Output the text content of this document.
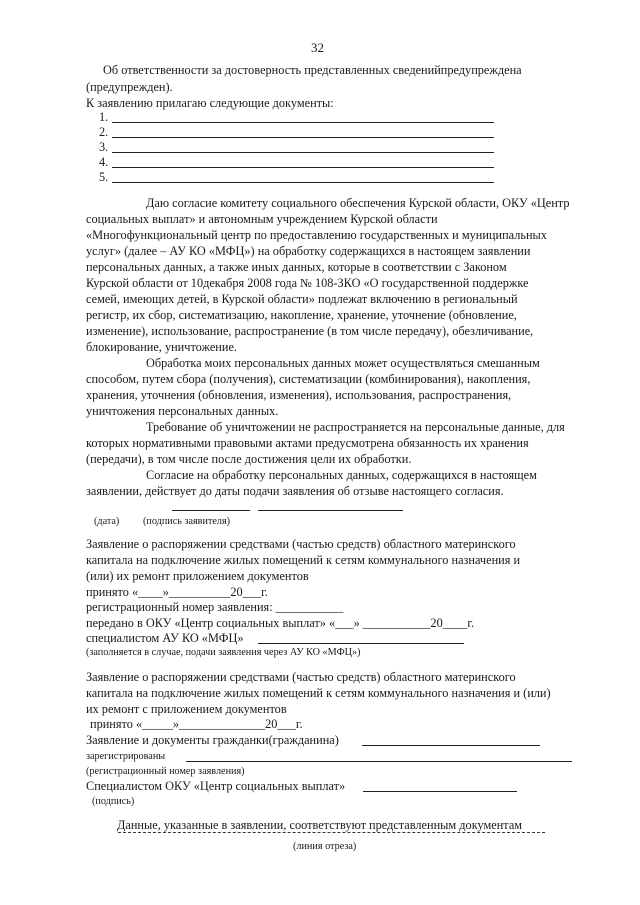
32
Об ответственности за достоверность представленных сведенийпредупреждена
(предупрежден).
К заявлению прилагаю следующие документы:
1.
2.
3.
4.
5.
Даю согласие комитету социального обеспечения Курской области, ОКУ «Центр
социальных выплат» и автономным учреждением Курской области
«Многофункциональный центр по предоставлению государственных и муниципальных
услуг» (далее – АУ КО «МФЦ») на обработку содержащихся в настоящем заявлении
персональных данных, а также иных данных, которые в соответствии с Законом
Курской области от 10декабря 2008 года № 108-ЗКО «О государственной поддержке
семей, имеющих детей, в Курской области» подлежат включению в региональный
регистр, их сбор, систематизацию, накопление, хранение, уточнение (обновление,
изменение), использование, распространение (в том числе передачу), обезличивание,
блокирование, уничтожение.
Обработка моих персональных данных может осуществляться смешанным
способом, путем сбора (получения), систематизации (комбинирования), накопления,
хранения, уточнения (обновления, изменения), использования, распространения,
уничтожения персональных данных.
Требование об уничтожении не распространяется на персональные данные, для
которых нормативными правовыми актами предусмотрена обязанность их хранения
(передачи), в том числе после достижения цели их обработки.
Согласие на обработку персональных данных, содержащихся в настоящем
заявлении, действует до даты подачи заявления об отзыве настоящего согласия.
(дата) (подпись заявителя)
Заявление о распоряжении средствами (частью средств) областного материнского
капитала на подключение жилых помещений к сетям коммунального назначения и
(или) их ремонт приложением документов
принято «____»__________20___г.
регистрационный номер заявления: ___________
передано в ОКУ «Центр социальных выплат» «___» ___________20____г.
специалистом АУ КО «МФЦ»
(заполняется в случае, подачи заявления через АУ КО «МФЦ»)
Заявление о распоряжении средствами (частью средств) областного материнского
капитала на подключение жилых помещений к сетям коммунального назначения и (или)
их ремонт с приложением документов
принято «_____»______________20___г.
Заявление и документы гражданки(гражданина)
зарегистрированы
(регистрационный номер заявления)
Специалистом ОКУ «Центр социальных выплат»
(подпись)
Данные, указанные в заявлении, соответствуют представленным документам
(линия отреза)
